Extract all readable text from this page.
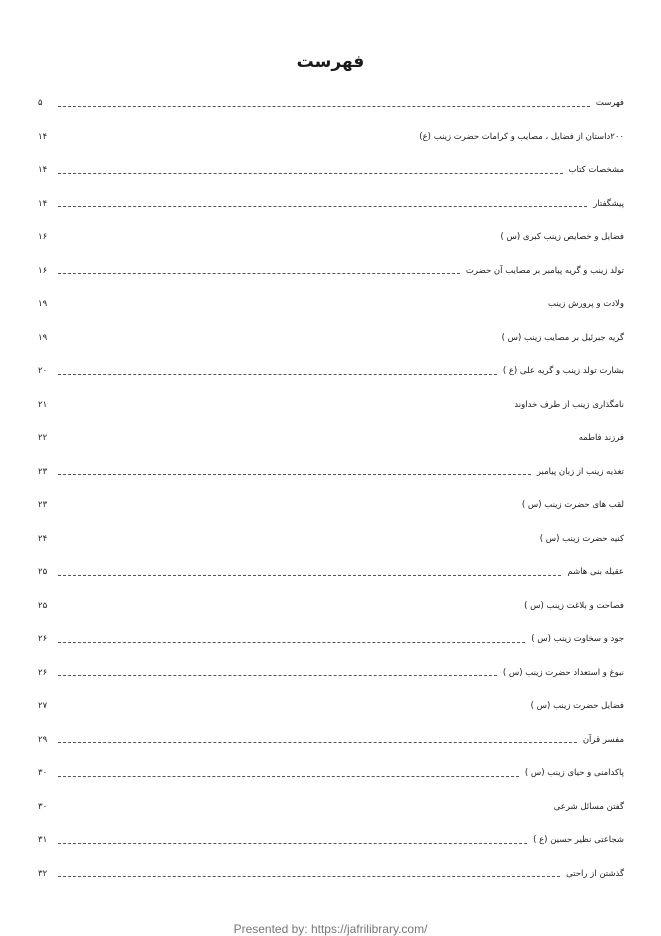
فهرست
فهرست
۵
۲۰۰داستان از فضایل ، مصایب و کرامات حضرت زینب (ع)
۱۴
مشخصات کتاب
۱۴
پیشگفتار
۱۴
فضایل و خصایص زینب کبری (س )
۱۶
تولد زینب و گریه پیامبر بر مصایب آن حضرت
۱۶
ولادت و پرورش زینب
۱۹
گریه جبرئیل بر مصایب زینب (س )
۱۹
بشارت تولد زینب و گریه علی (ع )
۲۰
نامگذاری زینب از طرف خداوند
۲۱
فرزند فاطمه
۲۲
تغذیه زینب از زبان پیامبر
۲۳
لقب های حضرت زینب (س )
۲۳
کنیه حضرت زینب (س )
۲۴
عقیله بنی هاشم
۲۵
فصاحت و بلاغت زینب (س )
۲۵
جود و سخاوت زینب (س )
۲۶
نبوغ و استعداد حضرت زینب (س )
۲۶
فضایل حضرت زینب (س )
۲۷
مفسر قرآن
۲۹
پاکدامنی و حیای زینب (س )
۳۰
گفتن مسائل شرعی
۳۰
شجاعتی نظیر حسین (ع )
۳۱
گذشتن از راحتی
۳۲
Presented by: https://jafrilibrary.com/
